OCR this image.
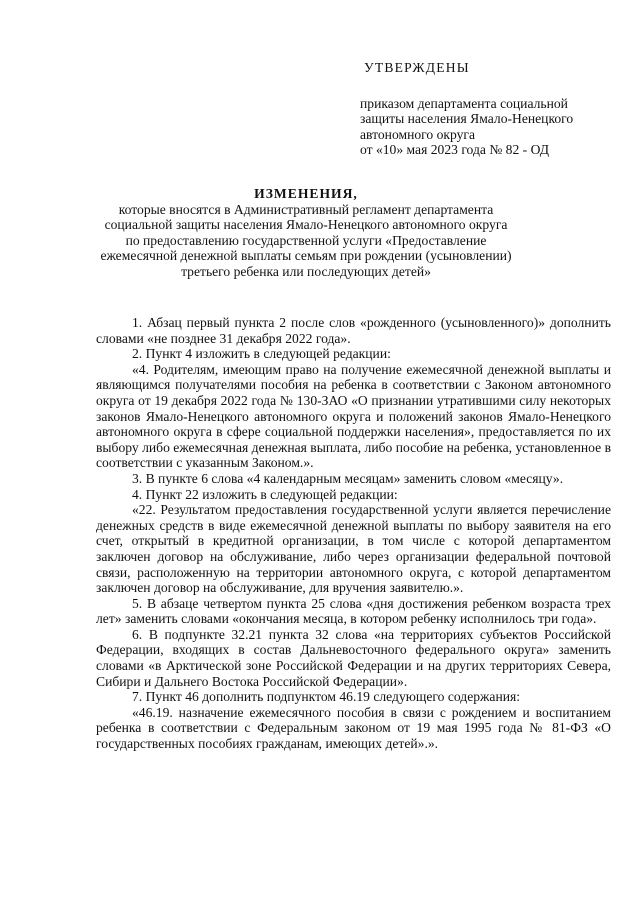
УТВЕРЖДЕНЫ
приказом департамента социальной
защиты населения Ямало-Ненецкого
автономного округа
от «10» мая 2023 года № 82 - ОД
ИЗМЕНЕНИЯ,
которые вносятся в Административный регламент департамента социальной защиты населения Ямало-Ненецкого автономного округа по предоставлению государственной услуги «Предоставление ежемесячной денежной выплаты семьям при рождении (усыновлении) третьего ребенка или последующих детей»

1. Абзац первый пункта 2 после слов «рожденного (усыновленного)» дополнить словами «не позднее 31 декабря 2022 года».

2. Пункт 4 изложить в следующей редакции:

«4. Родителям, имеющим право на получение ежемесячной денежной выплаты и являющимся получателями пособия на ребенка в соответствии с Законом автономного округа от 19 декабря 2022 года № 130-ЗАО «О признании утратившими силу некоторых законов Ямало-Ненецкого автономного округа и положений законов Ямало-Ненецкого автономного округа в сфере социальной поддержки населения», предоставляется по их выбору либо ежемесячная денежная выплата, либо пособие на ребенка, установленное в соответствии с указанным Законом.».

3. В пункте 6 слова «4 календарным месяцам» заменить словом «месяцу».

4. Пункт 22 изложить в следующей редакции:

«22. Результатом предоставления государственной услуги является перечисление денежных средств в виде ежемесячной денежной выплаты по выбору заявителя на его счет, открытый в кредитной организации, в том числе с которой департаментом заключен договор на обслуживание, либо через организации федеральной почтовой связи, расположенную на территории автономного округа, с которой департаментом заключен договор на обслуживание, для вручения заявителю.».

5. В абзаце четвертом пункта 25 слова «дня достижения ребенком возраста трех лет» заменить словами «окончания месяца, в котором ребенку исполнилось три года».

6. В подпункте 32.21 пункта 32 слова «на территориях субъектов Российской Федерации, входящих в состав Дальневосточного федерального округа» заменить словами «в Арктической зоне Российской Федерации и на других территориях Севера, Сибири и Дальнего Востока Российской Федерации».

7. Пункт 46 дополнить подпунктом 46.19 следующего содержания:

«46.19. назначение ежемесячного пособия в связи с рождением и воспитанием ребенка в соответствии с Федеральным законом от 19 мая 1995 года № 81-ФЗ «О государственных пособиях гражданам, имеющих детей».».
